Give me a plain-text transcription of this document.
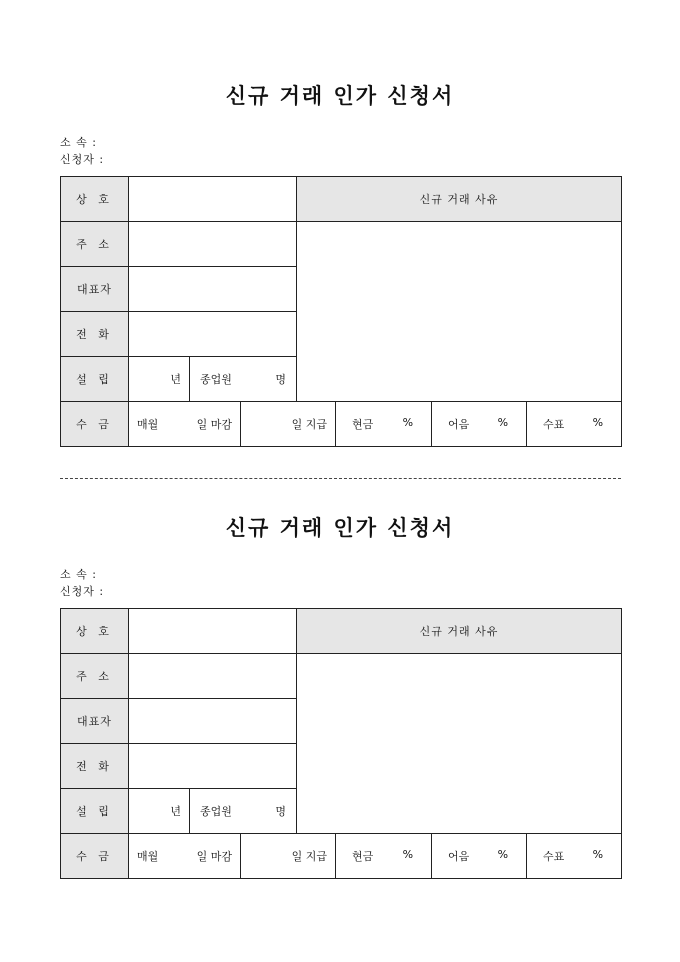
신규 거래 인가 신청서
소 속 :
신청자 :
상 호				신규 거래 사유			
주 소							
대표자							
전 화							
설 립	년	종업원 명					

수 금	매월 일 마감		일 지급		현금 %	어음 %	수표 %
신규 거래 인가 신청서
소 속 :
신청자 :
상 호				신규 거래 사유			
주 소							
대표자							
전 화							
설 립	년	종업원 명					

수 금	매월 일 마감		일 지급		현금 %	어음 %	수표 %
